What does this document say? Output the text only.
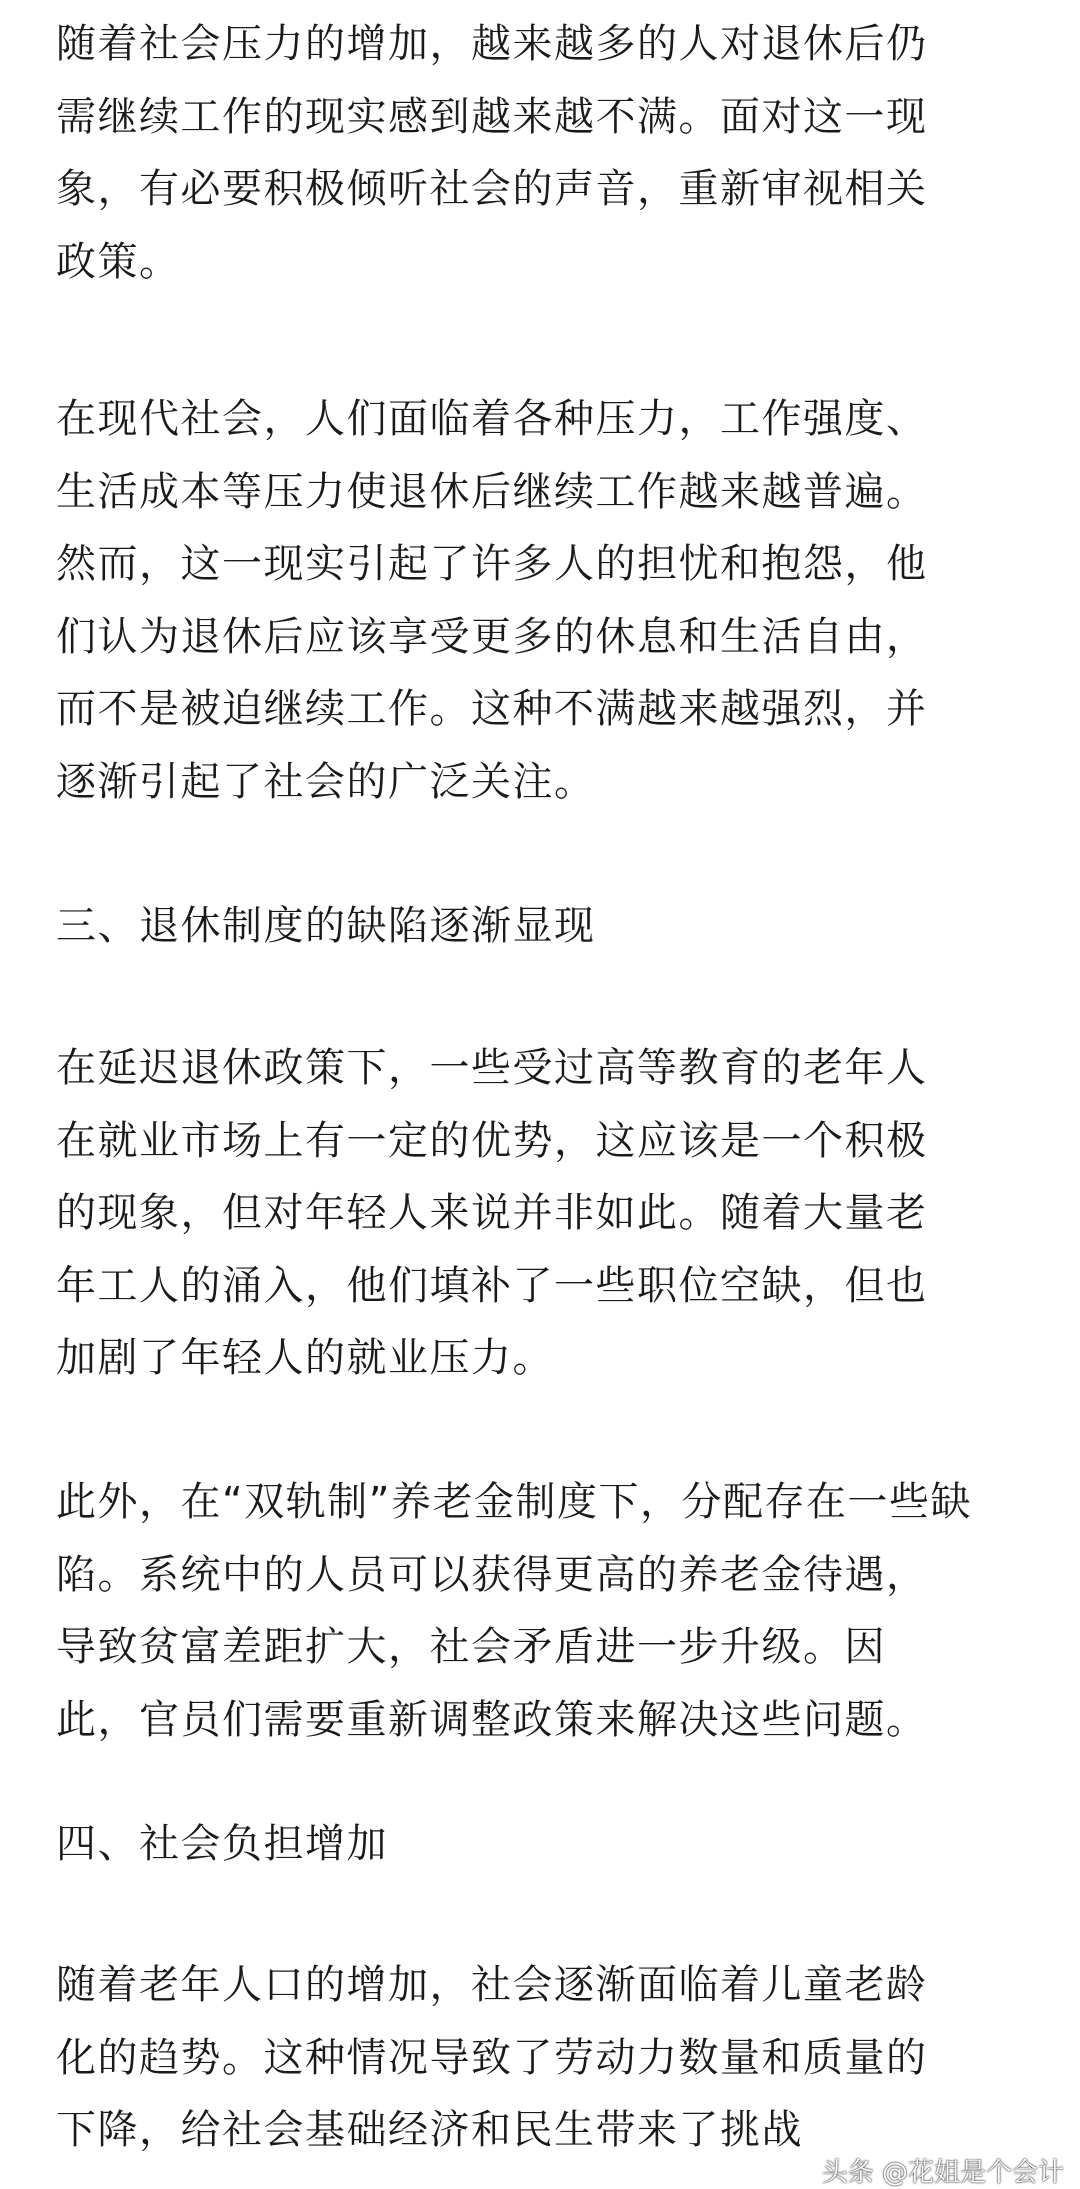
随着社会压力的增加，越来越多的人对退休后仍
需继续工作的现实感到越来越不满。面对这一现
象，有必要积极倾听社会的声音，重新审视相关
政策。

在现代社会，人们面临着各种压力，工作强度、
生活成本等压力使退休后继续工作越来越普遍。
然而，这一现实引起了许多人的担忧和抱怨，他
们认为退休后应该享受更多的休息和生活自由，
而不是被迫继续工作。这种不满越来越强烈，并
逐渐引起了社会的广泛关注。

三、退休制度的缺陷逐渐显现

在延迟退休政策下，一些受过高等教育的老年人
在就业市场上有一定的优势，这应该是一个积极
的现象，但对年轻人来说并非如此。随着大量老
年工人的涌入，他们填补了一些职位空缺，但也
加剧了年轻人的就业压力。

此外，在“双轨制”养老金制度下，分配存在一些缺
陷。系统中的人员可以获得更高的养老金待遇，
导致贫富差距扩大，社会矛盾进一步升级。因
此，官员们需要重新调整政策来解决这些问题。

四、社会负担增加

随着老年人口的增加，社会逐渐面临着儿童老龄
化的趋势。这种情况导致了劳动力数量和质量的
下降，给社会基础经济和民生带来了挑战

头条 @花姐是个会计
